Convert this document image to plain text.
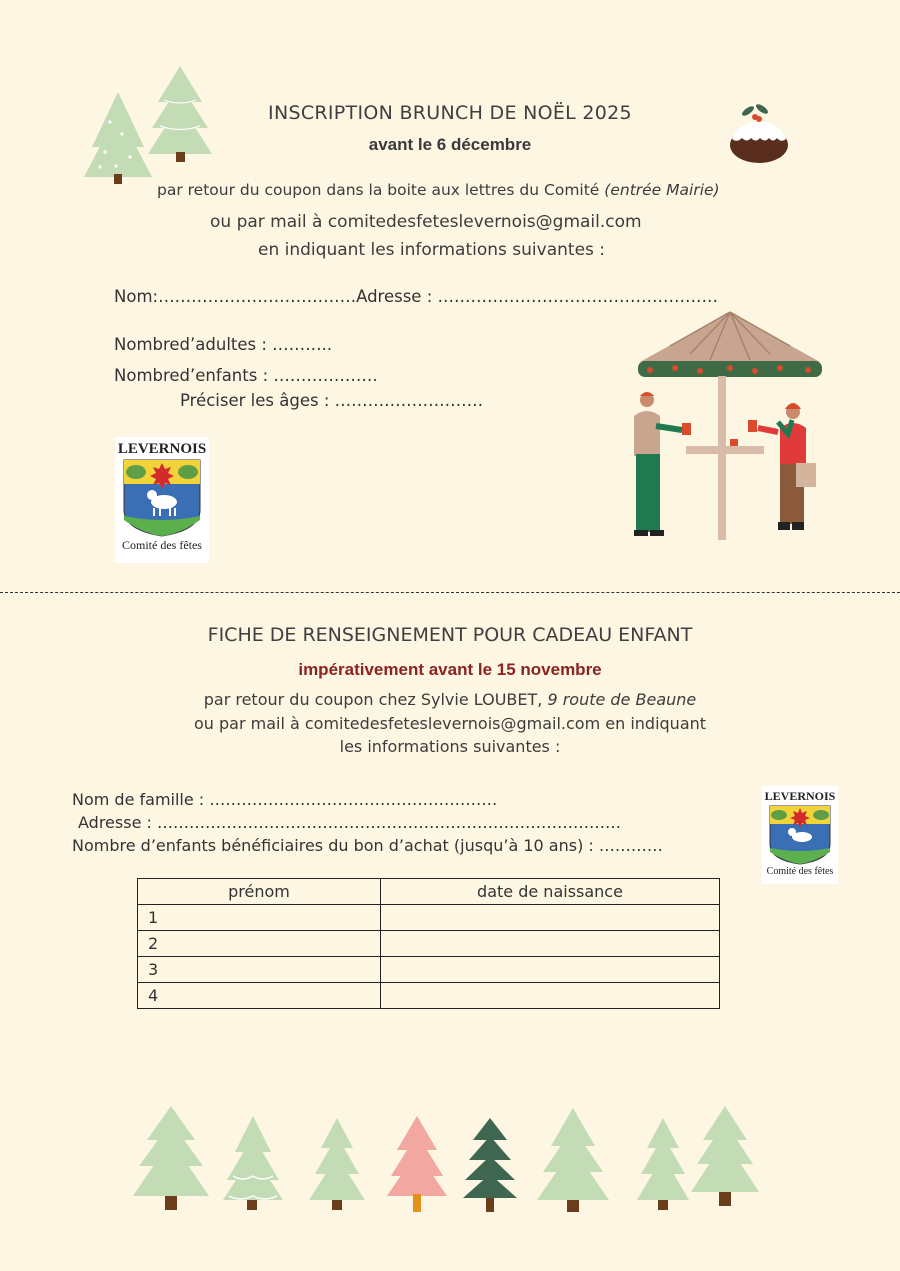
INSCRIPTION BRUNCH DE NOËL 2025
avant le 6 décembre
par retour du coupon dans la boite aux lettres du Comité (entrée Mairie)
ou par mail à comitedesfeteslevernois@gmail.com
en indiquant les informations suivantes :
Nom:………………………………Adresse : ……………………………………………
Nombred’adultes : ………..
Nombred’enfants : ……………….
Préciser les âges : ………………………
LEVERNOIS
Comité des fêtes
FICHE DE RENSEIGNEMENT POUR CADEAU ENFANT
impérativement avant le 15 novembre
par retour du coupon chez Sylvie LOUBET, 9 route de Beaune
ou par mail à comitedesfeteslevernois@gmail.com en indiquant
les informations suivantes :
Nom de famille : ………………………………………………
Adresse : ……………………………………………………………………………
Nombre d’enfants bénéficiaires du bon d’achat (jusqu’à 10 ans) : …………
LEVERNOIS
Comité des fêtes
prénom	date de naissance
1	
2	
3	
4	
